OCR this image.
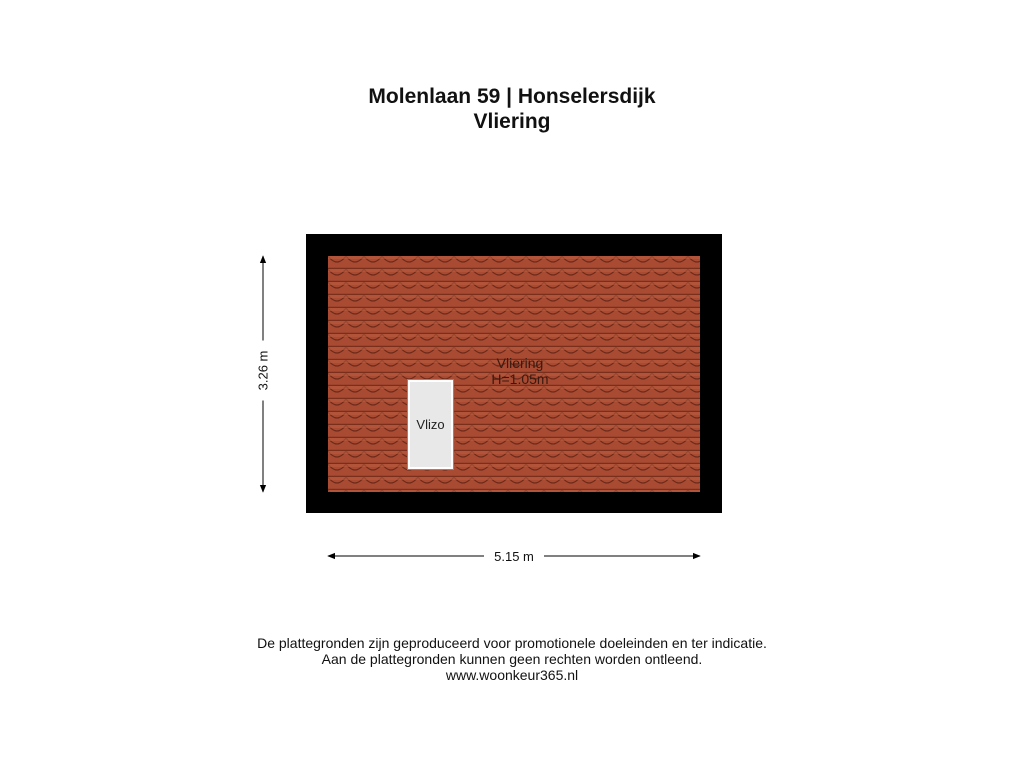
Molenlaan 59 | Honselersdijk
Vliering
Vliering
H=1.05m
Vlizo
5.15 m
3.26 m
De plattegronden zijn geproduceerd voor promotionele doeleinden en ter indicatie.
Aan de plattegronden kunnen geen rechten worden ontleend.
www.woonkeur365.nl
